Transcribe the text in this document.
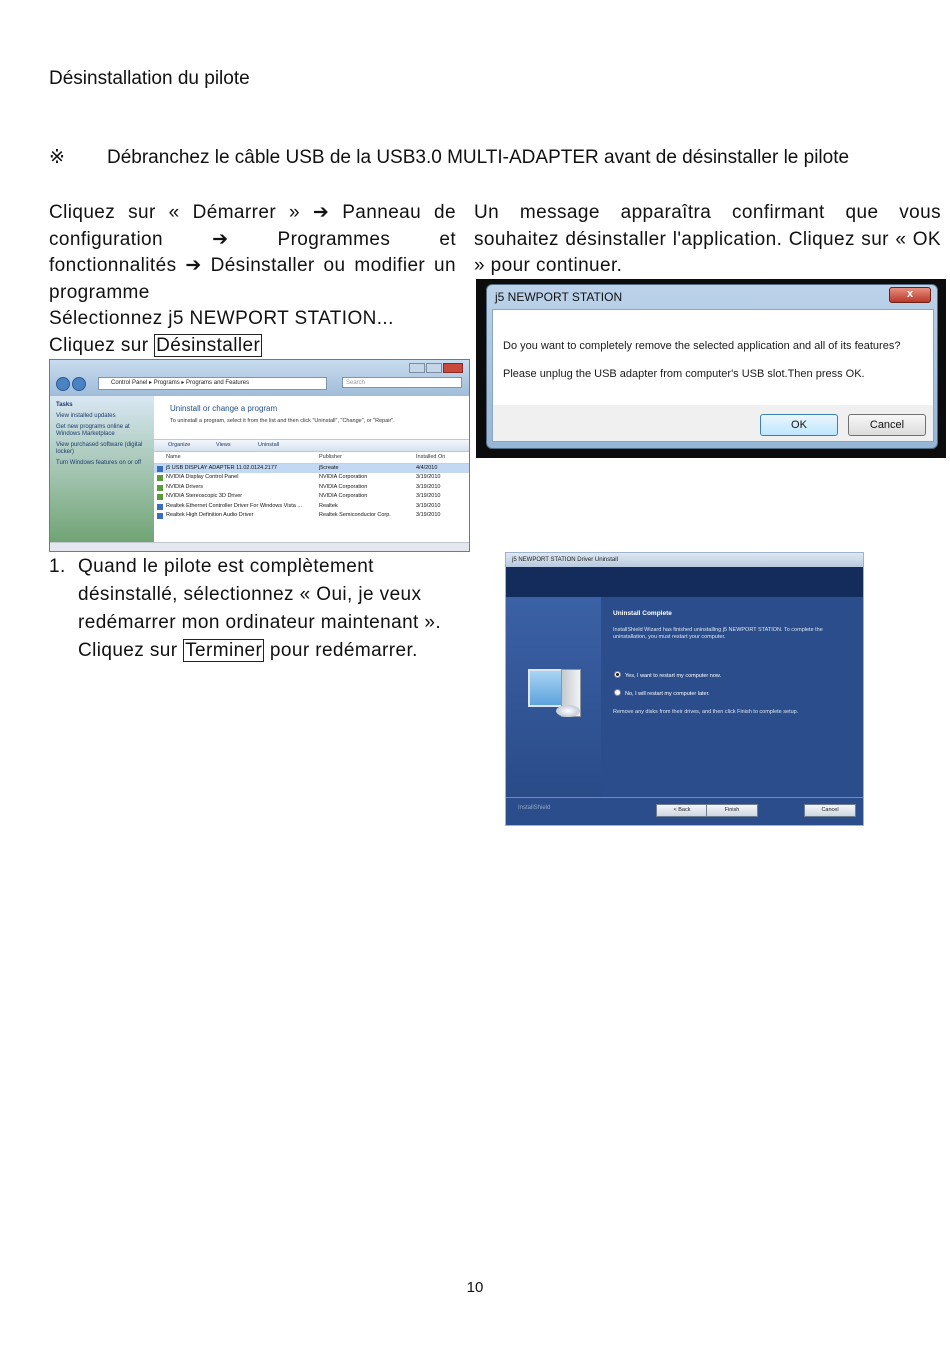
Désinstallation du pilote
※ Débranchez le câble USB de la USB3.0 MULTI-ADAPTER avant de désinstaller le pilote
Cliquez sur « Démarrer » ➔ Panneau de configuration ➔ Programmes et fonctionnalités ➔ Désinstaller ou modifier un programme
Sélectionnez j5 NEWPORT STATION...
Cliquez sur Désinstaller
Un message apparaîtra confirmant que vous souhaitez désinstaller l'application. Cliquez sur « OK » pour continuer.
Control Panel ▸ Programs ▸ Programs and Features	Search
Tasks
View installed updates
Get new programs online at Windows Marketplace
View purchased software (digital locker)
Turn Windows features on or off
Uninstall or change a program
To uninstall a program, select it from the list and then click "Uninstall", "Change", or "Repair".
Organize	Views	Uninstall
Name	Publisher	Installed On
j5 USB DISPLAY ADAPTER 11.02.0124.2177	j5create	4/4/2010
NVIDIA Display Control Panel	NVIDIA Corporation	3/19/2010
NVIDIA Drivers	NVIDIA Corporation	3/19/2010
NVIDIA Stereoscopic 3D Driver	NVIDIA Corporation	3/19/2010
Realtek Ethernet Controller Driver For Windows Vista ...	Realtek	3/19/2010
Realtek High Definition Audio Driver	Realtek Semiconductor Corp.	3/19/2010
j5 NEWPORT STATION	x
Do you want to completely remove the selected application and all of its features?
Please unplug the USB adapter from computer's USB slot.Then press OK.
OK	Cancel
1. Quand le pilote est complètement désinstallé, sélectionnez « Oui, je veux redémarrer mon ordinateur maintenant ». Cliquez sur Terminer pour redémarrer.
j5 NEWPORT STATION Driver Uninstall
Uninstall Complete
InstallShield Wizard has finished uninstalling j5 NEWPORT STATION. To complete the uninstallation, you must restart your computer.
Yes, I want to restart my computer now.
No, I will restart my computer later.
Remove any disks from their drives, and then click Finish to complete setup.
InstallShield	< Back	Finish	Cancel
10
